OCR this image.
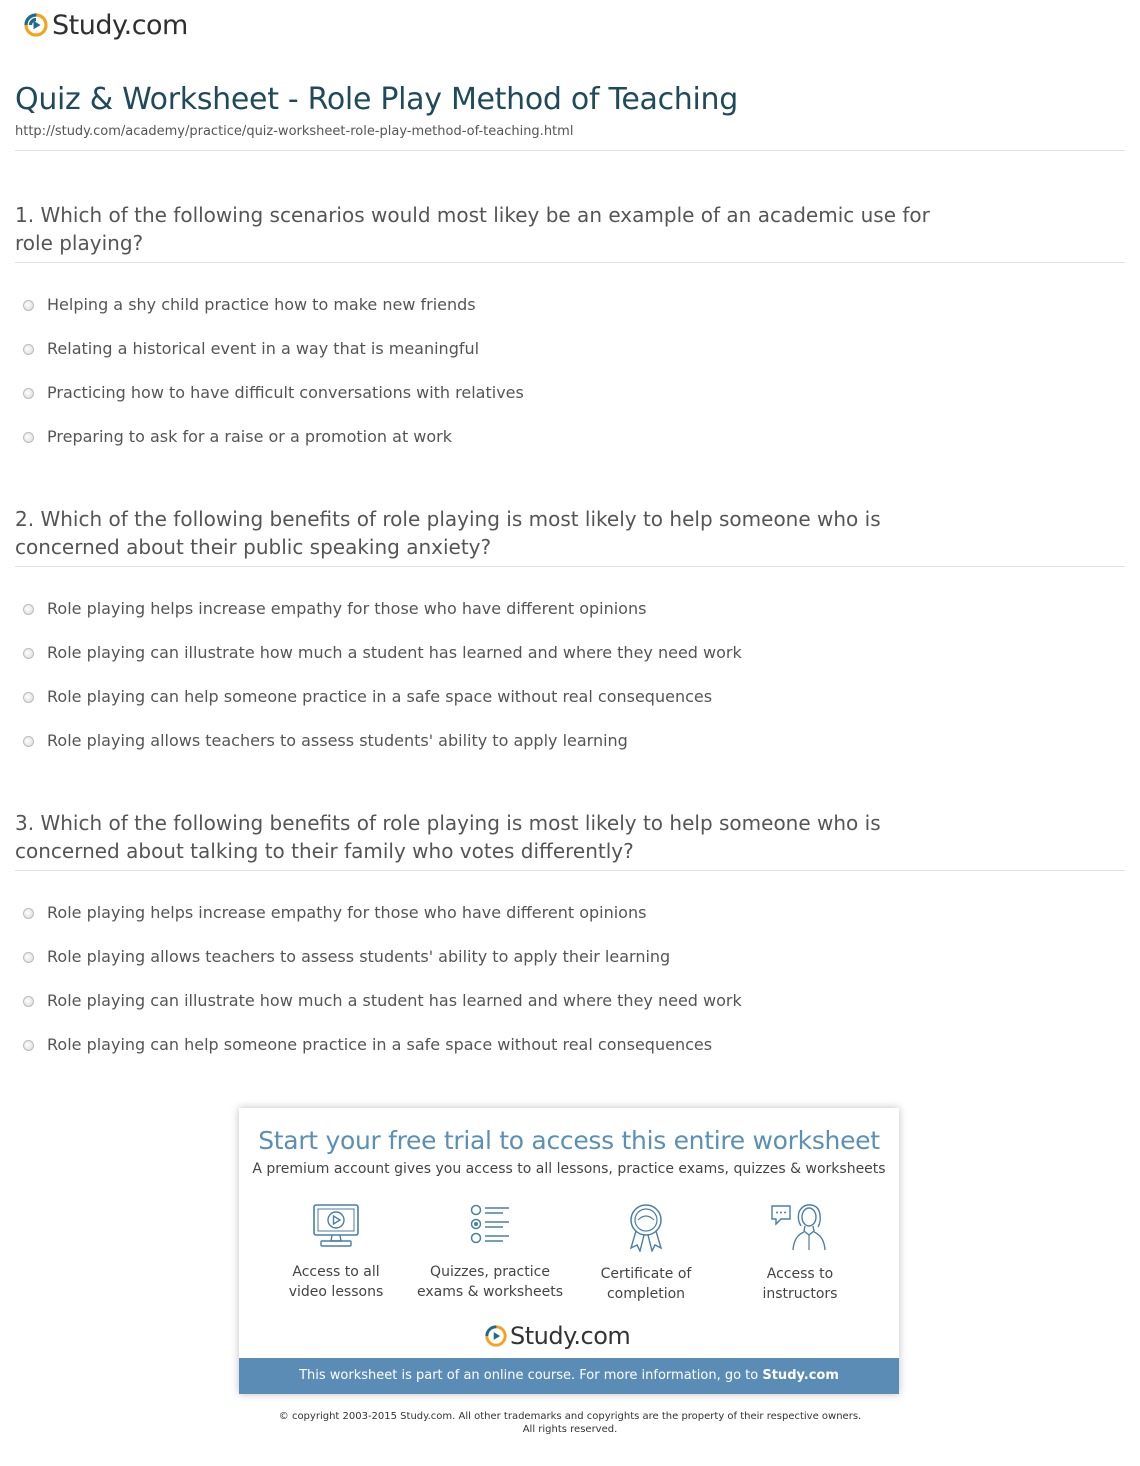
Study.com
Quiz & Worksheet - Role Play Method of Teaching
http://study.com/academy/practice/quiz-worksheet-role-play-method-of-teaching.html
1. Which of the following scenarios would most likey be an example of an academic use for role playing?
Helping a shy child practice how to make new friends
Relating a historical event in a way that is meaningful
Practicing how to have difficult conversations with relatives
Preparing to ask for a raise or a promotion at work
2. Which of the following benefits of role playing is most likely to help someone who is concerned about their public speaking anxiety?
Role playing helps increase empathy for those who have different opinions
Role playing can illustrate how much a student has learned and where they need work
Role playing can help someone practice in a safe space without real consequences
Role playing allows teachers to assess students' ability to apply learning
3. Which of the following benefits of role playing is most likely to help someone who is concerned about talking to their family who votes differently?
Role playing helps increase empathy for those who have different opinions
Role playing allows teachers to assess students' ability to apply their learning
Role playing can illustrate how much a student has learned and where they need work
Role playing can help someone practice in a safe space without real consequences
Start your free trial to access this entire worksheet
A premium account gives you access to all lessons, practice exams, quizzes & worksheets
Access to all
video lessons
Quizzes, practice
exams & worksheets
Certificate of
completion
Access to
instructors
Study.com
This worksheet is part of an online course. For more information, go to Study.com
© copyright 2003-2015 Study.com. All other trademarks and copyrights are the property of their respective owners.
All rights reserved.
